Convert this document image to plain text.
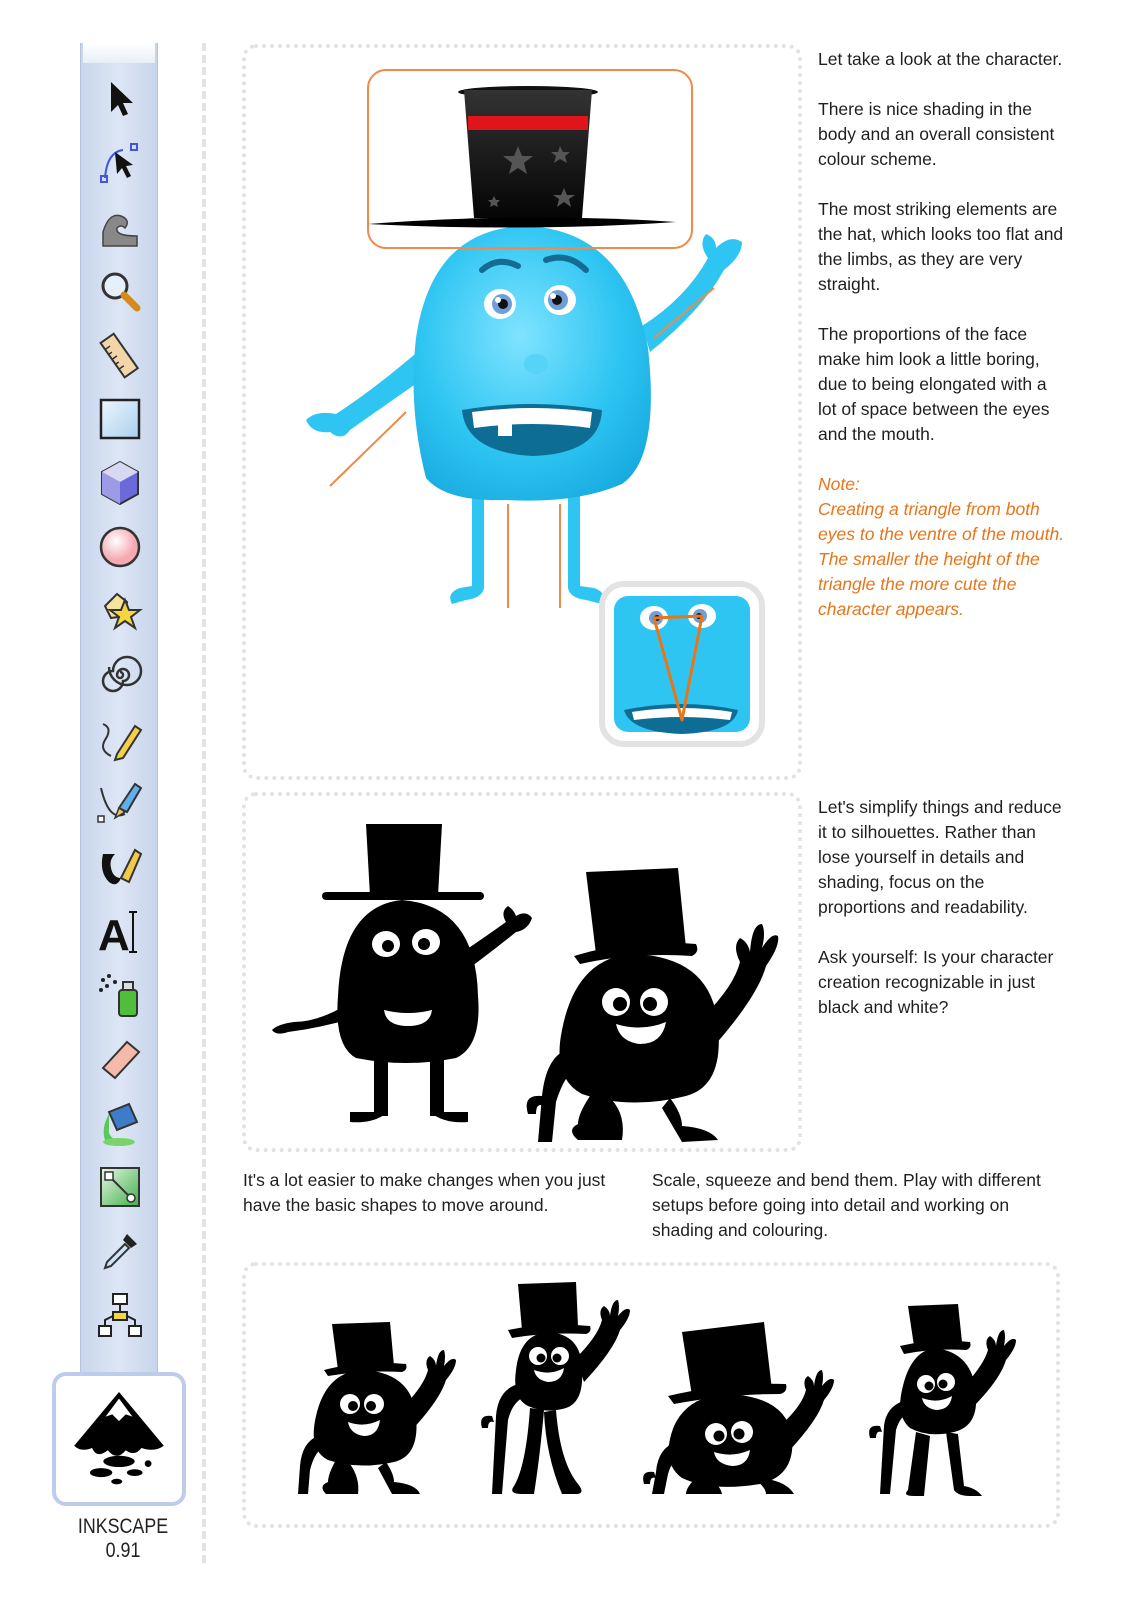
A
INKSCAPE 0.91

Let take a look at the character.

There is nice shading in the body and an overall consistent colour scheme.

The most striking elements are the hat, which looks too flat and the limbs, as they are very straight.

The proportions of the face make him look a little boring, due to being elongated with a lot of space between the eyes and the mouth.

Note:
Creating a triangle from both eyes to the ventre of the mouth. The smaller the height of the triangle the more cute the character appears.

Let's simplify things and reduce it to silhouettes. Rather than lose yourself in details and shading, focus on the proportions and readability.

Ask yourself: Is your character creation recognizable in just black and white?

It's a lot easier to make changes when you just have the basic shapes to move around.

Scale, squeeze and bend them. Play with different setups before going into detail and working on shading and colouring.
